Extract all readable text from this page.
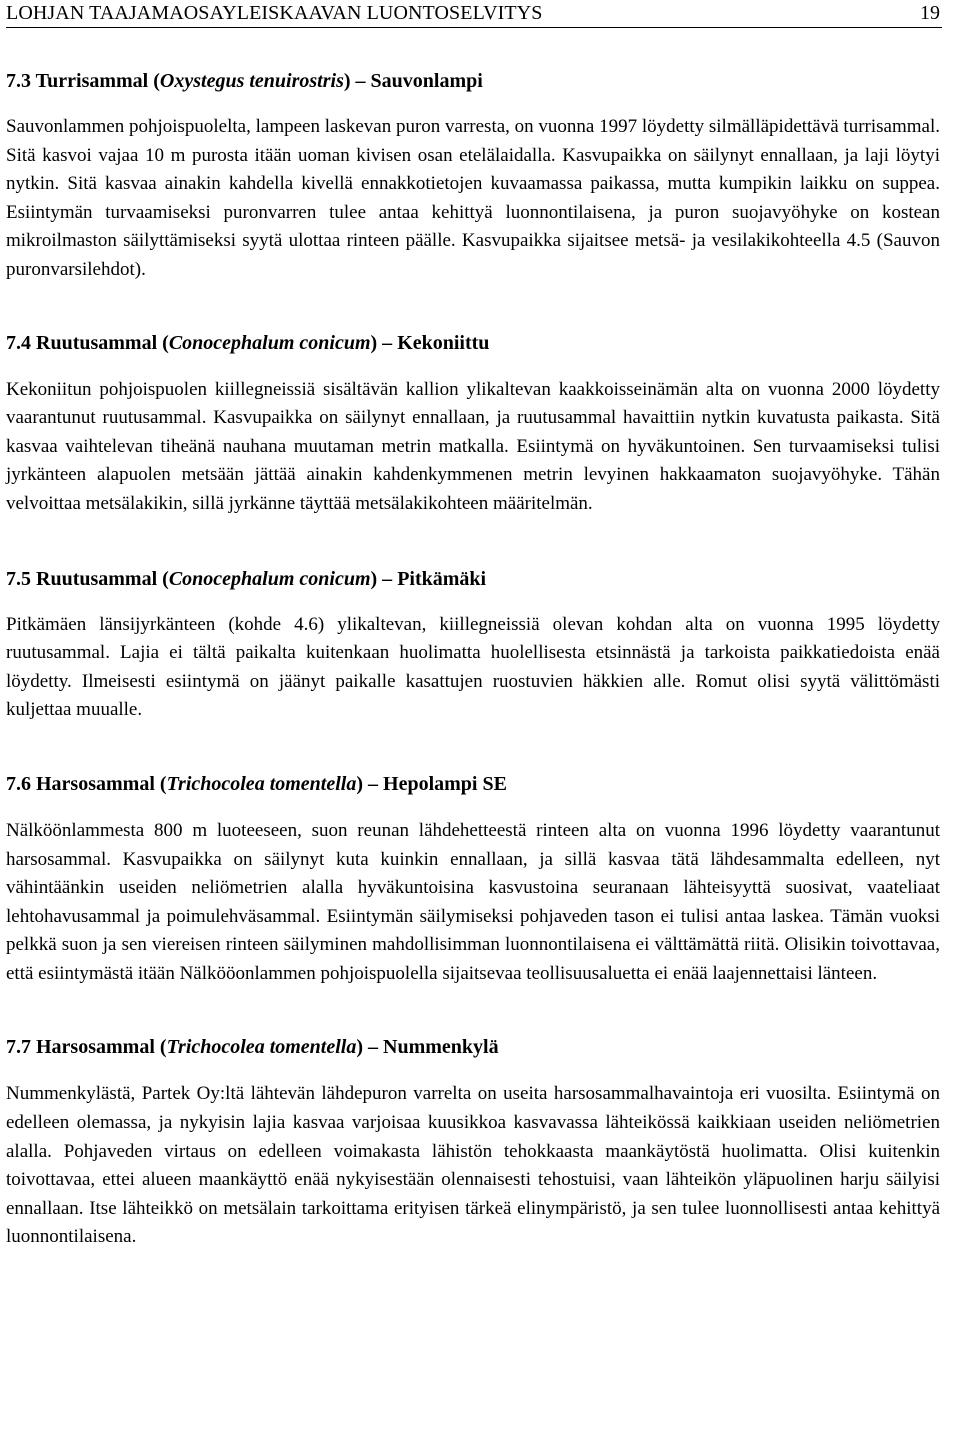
LOHJAN TAAJAMAOSAYLEISKAAVAN LUONTOSELVITYS	19
7.3 Turrisammal (Oxystegus tenuirostris) – Sauvonlampi

Sauvonlammen pohjoispuolelta, lampeen laskevan puron varresta, on vuonna 1997 löydetty silmälläpidettävä turrisammal. Sitä kasvoi vajaa 10 m purosta itään uoman kivisen osan etelälaidalla. Kasvupaikka on säilynyt ennallaan, ja laji löytyi nytkin. Sitä kasvaa ainakin kahdella kivellä ennakkotietojen kuvaamassa paikassa, mutta kumpikin laikku on suppea. Esiintymän turvaamiseksi puronvarren tulee antaa kehittyä luonnontilaisena, ja puron suojavyöhyke on kostean mikroilmaston säilyttämiseksi syytä ulottaa rinteen päälle. Kasvupaikka sijaitsee metsä- ja vesilakikohteella 4.5 (Sauvon puronvarsilehdot).

7.4 Ruutusammal (Conocephalum conicum) – Kekoniittu

Kekoniitun pohjoispuolen kiillegneissiä sisältävän kallion ylikaltevan kaakkoisseinämän alta on vuonna 2000 löydetty vaarantunut ruutusammal. Kasvupaikka on säilynyt ennallaan, ja ruutusammal havaittiin nytkin kuvatusta paikasta. Sitä kasvaa vaihtelevan tiheänä nauhana muutaman metrin matkalla. Esiintymä on hyväkuntoinen. Sen turvaamiseksi tulisi jyrkänteen alapuolen metsään jättää ainakin kahdenkymmenen metrin levyinen hakkaamaton suojavyöhyke. Tähän velvoittaa metsälakikin, sillä jyrkänne täyttää metsälakikohteen määritelmän.

7.5 Ruutusammal (Conocephalum conicum) – Pitkämäki

Pitkämäen länsijyrkänteen (kohde 4.6) ylikaltevan, kiillegneissiä olevan kohdan alta on vuonna 1995 löydetty ruutusammal. Lajia ei tältä paikalta kuitenkaan huolimatta huolellisesta etsinnästä ja tarkoista paikkatiedoista enää löydetty. Ilmeisesti esiintymä on jäänyt paikalle kasattujen ruostuvien häkkien alle. Romut olisi syytä välittömästi kuljettaa muualle.

7.6 Harsosammal (Trichocolea tomentella) – Hepolampi SE

Nälköönlammesta 800 m luoteeseen, suon reunan lähdehetteestä rinteen alta on vuonna 1996 löydetty vaarantunut harsosammal. Kasvupaikka on säilynyt kuta kuinkin ennallaan, ja sillä kasvaa tätä lähdesammalta edelleen, nyt vähintäänkin useiden neliömetrien alalla hyväkuntoisina kasvustoina seuranaan lähteisyyttä suosivat, vaateliaat lehtohavusammal ja poimulehväsammal. Esiintymän säilymiseksi pohjaveden tason ei tulisi antaa laskea. Tämän vuoksi pelkkä suon ja sen viereisen rinteen säilyminen mahdollisimman luonnontilaisena ei välttämättä riitä. Olisikin toivottavaa, että esiintymästä itään Nälkööonlammen pohjoispuolella sijaitsevaa teollisuusaluetta ei enää laajennettaisi länteen.

7.7 Harsosammal (Trichocolea tomentella) – Nummenkylä

Nummenkylästä, Partek Oy:ltä lähtevän lähdepuron varrelta on useita harsosammalhavaintoja eri vuosilta. Esiintymä on edelleen olemassa, ja nykyisin lajia kasvaa varjoisaa kuusikkoa kasvavassa lähteikössä kaikkiaan useiden neliömetrien alalla. Pohjaveden virtaus on edelleen voimakasta lähistön tehokkaasta maankäytöstä huolimatta. Olisi kuitenkin toivottavaa, ettei alueen maankäyttö enää nykyisestään olennaisesti tehostuisi, vaan lähteikön yläpuolinen harju säilyisi ennallaan. Itse lähteikkö on metsälain tarkoittama erityisen tärkeä elinympäristö, ja sen tulee luonnollisesti antaa kehittyä luonnontilaisena.
